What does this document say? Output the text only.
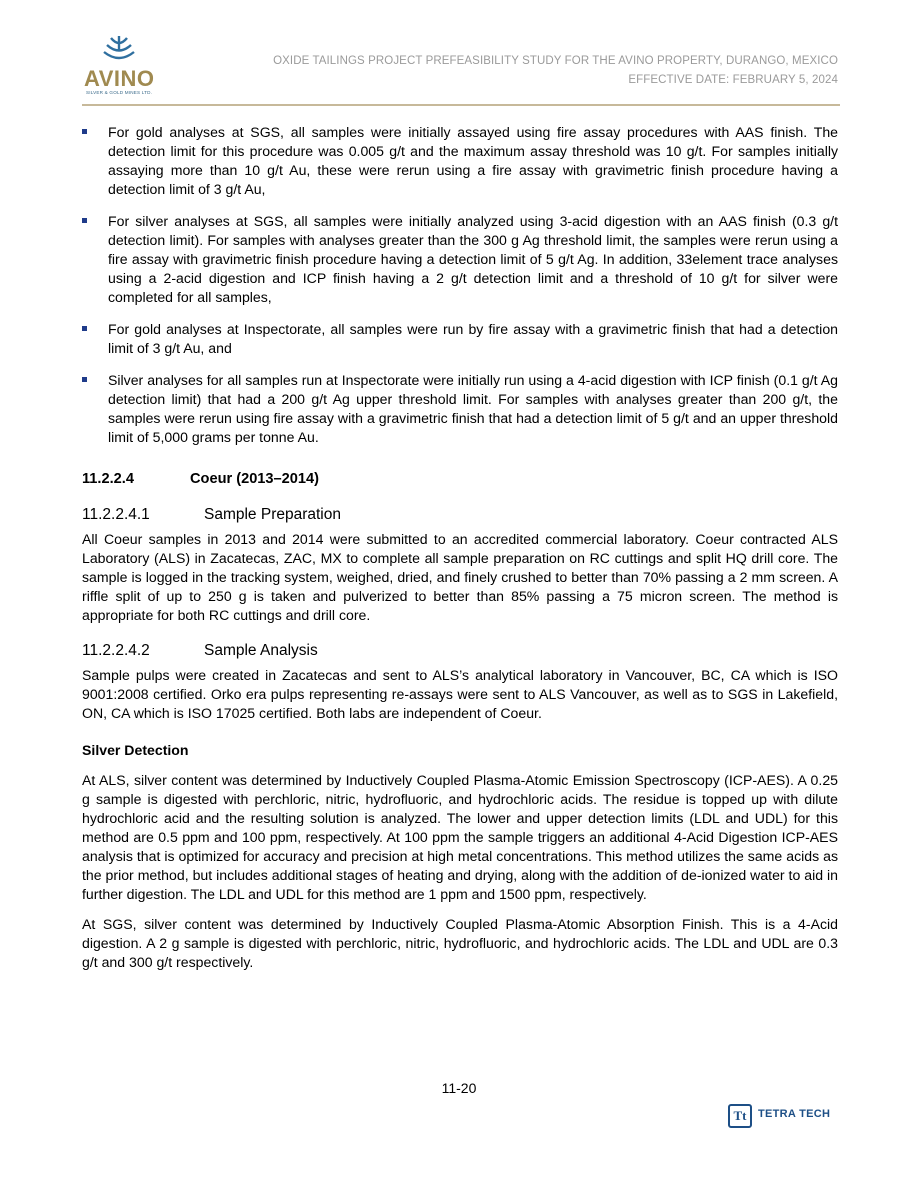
AVINO
SILVER & GOLD MINES LTD.
OXIDE TAILINGS PROJECT PREFEASIBILITY STUDY FOR THE AVINO PROPERTY, DURANGO, MEXICO
EFFECTIVE DATE: FEBRUARY 5, 2024
For gold analyses at SGS, all samples were initially assayed using fire assay procedures with AAS finish. The detection limit for this procedure was 0.005 g/t and the maximum assay threshold was 10 g/t. For samples initially assaying more than 10 g/t Au, these were rerun using a fire assay with gravimetric finish procedure having a detection limit of 3 g/t Au,
For silver analyses at SGS, all samples were initially analyzed using 3-acid digestion with an AAS finish (0.3 g/t detection limit). For samples with analyses greater than the 300 g Ag threshold limit, the samples were rerun using a fire assay with gravimetric finish procedure having a detection limit of 5 g/t Ag. In addition, 33element trace analyses using a 2-acid digestion and ICP finish having a 2 g/t detection limit and a threshold of 10 g/t for silver were completed for all samples,
For gold analyses at Inspectorate, all samples were run by fire assay with a gravimetric finish that had a detection limit of 3 g/t Au, and
Silver analyses for all samples run at Inspectorate were initially run using a 4-acid digestion with ICP finish (0.1 g/t Ag detection limit) that had a 200 g/t Ag upper threshold limit. For samples with analyses greater than 200 g/t, the samples were rerun using fire assay with a gravimetric finish that had a detection limit of 5 g/t and an upper threshold limit of 5,000 grams per tonne Au.
11.2.2.4	Coeur (2013–2014)
11.2.2.4.1	Sample Preparation

All Coeur samples in 2013 and 2014 were submitted to an accredited commercial laboratory. Coeur contracted ALS Laboratory (ALS) in Zacatecas, ZAC, MX to complete all sample preparation on RC cuttings and split HQ drill core. The sample is logged in the tracking system, weighed, dried, and finely crushed to better than 70% passing a 2 mm screen. A riffle split of up to 250 g is taken and pulverized to better than 85% passing a 75 micron screen. The method is appropriate for both RC cuttings and drill core.

11.2.2.4.2	Sample Analysis

Sample pulps were created in Zacatecas and sent to ALS’s analytical laboratory in Vancouver, BC, CA which is ISO 9001:2008 certified. Orko era pulps representing re-assays were sent to ALS Vancouver, as well as to SGS in Lakefield, ON, CA which is ISO 17025 certified. Both labs are independent of Coeur.

Silver Detection

At ALS, silver content was determined by Inductively Coupled Plasma-Atomic Emission Spectroscopy (ICP-AES). A 0.25 g sample is digested with perchloric, nitric, hydrofluoric, and hydrochloric acids. The residue is topped up with dilute hydrochloric acid and the resulting solution is analyzed. The lower and upper detection limits (LDL and UDL) for this method are 0.5 ppm and 100 ppm, respectively. At 100 ppm the sample triggers an additional 4-Acid Digestion ICP-AES analysis that is optimized for accuracy and precision at high metal concentrations. This method utilizes the same acids as the prior method, but includes additional stages of heating and drying, along with the addition of de-ionized water to aid in further digestion. The LDL and UDL for this method are 1 ppm and 1500 ppm, respectively.

At SGS, silver content was determined by Inductively Coupled Plasma-Atomic Absorption Finish. This is a 4-Acid digestion. A 2 g sample is digested with perchloric, nitric, hydrofluoric, and hydrochloric acids. The LDL and UDL are 0.3 g/t and 300 g/t respectively.

11-20
Tt	TETRA TECH
